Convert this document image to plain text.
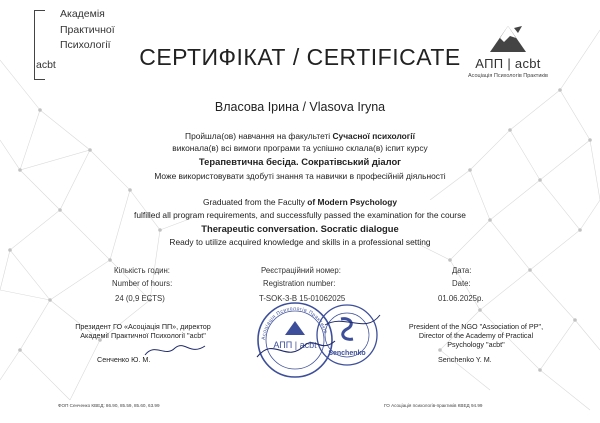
Академія
Практичної
Психології
acbt	СЕРТИФІКАТ / CERTIFICATE	АПП | acbt
Асоціація Психологів Практиків
Власова Ірина / Vlasova Iryna
Пройшла(ов) навчання на факультеті Сучасної психології
виконала(в) всі вимоги програми та успішно склала(в) іспит курсу
Терапевтична бесіда. Сократівський діалог
Може використовувати здобуті знання та навички в професійній діяльності
Graduated from the Faculty of Modern Psychology
fulfilled all program requirements, and successfully passed the examination for the course
Therapeutic conversation. Socratic dialogue
Ready to utilize acquired knowledge and skills in a professional setting
Кількість годин:
Number of hours:
24 (0,9 ECTS)
Реєстраційний номер:
Registration number:
T-SOK-3-B 15-01062025
Дата:
Date:
01.06.2025р.
Президент ГО «Асоціація ПП», директор
Академії Практичної Психології "acbt"
Сенченко Ю. М.
President of the NGO "Association of PP",
Director of the Academy of Practical
Psychology "acbt"
Senchenko Y. M.
Асоціація Психологів Практиків
АПП | acbt
Senchenko
ФОП Сенченко КВЕД: 86.90, 85.59, 85.60, 63.99	ГО Асоціація психологів-практиків КВЕД 94.99
